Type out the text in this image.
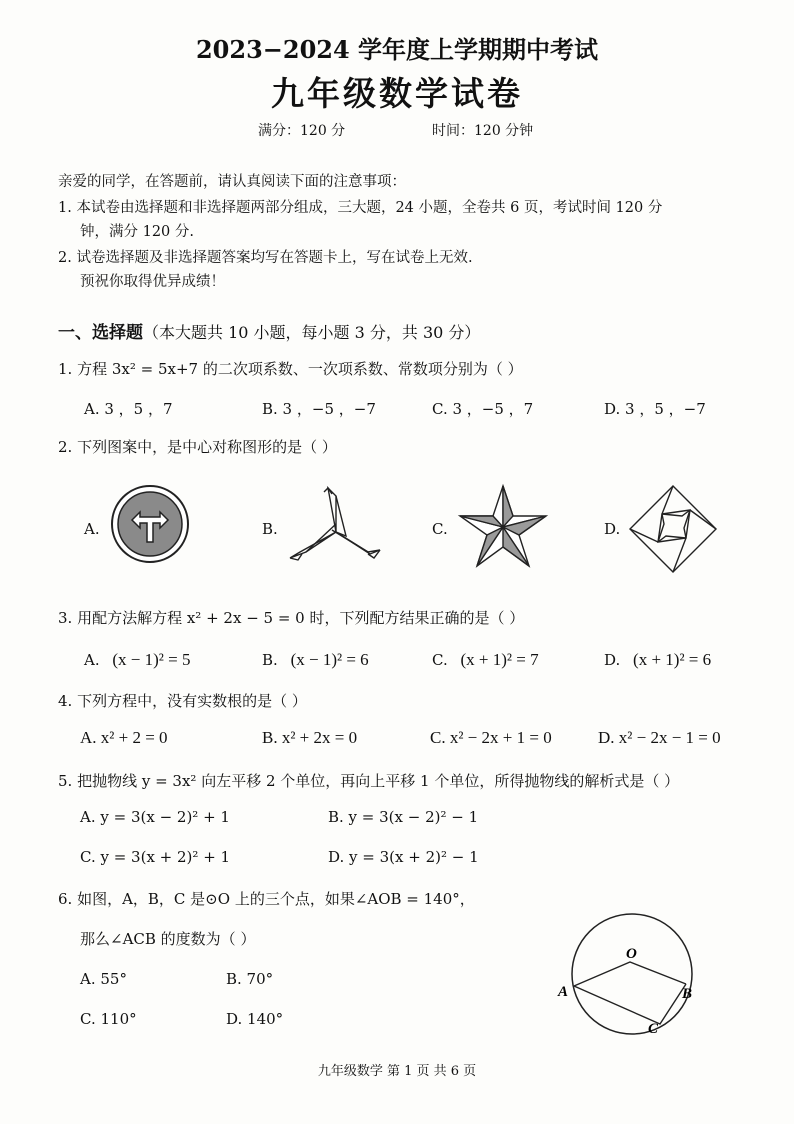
2023−2024 学年度上学期期中考试
九年级数学试卷
满分：120 分	时间：120 分钟
亲爱的同学，在答题前，请认真阅读下面的注意事项：
1. 本试卷由选择题和非选择题两部分组成，三大题，24 小题，全卷共 6 页，考试时间 120 分
钟，满分 120 分.
2. 试卷选择题及非选择题答案均写在答题卡上，写在试卷上无效.
预祝你取得优异成绩！
一、选择题（本大题共 10 小题，每小题 3 分，共 30 分）
1. 方程 3x² = 5x+7 的二次项系数、一次项系数、常数项分别为（ ）
A. 3 ，5 ，7	B. 3 ，−5 ，−7	C. 3 ，−5 ，7	D. 3 ，5 ，−7
2. 下列图案中，是中心对称图形的是（ ）
A.	B.	C.	D.
3. 用配方法解方程 x² + 2x − 5 = 0 时，下列配方结果正确的是（ ）
A. (x − 1)² = 5	B. (x − 1)² = 6	C. (x + 1)² = 7	D. (x + 1)² = 6
4. 下列方程中，没有实数根的是（ ）
A. x² + 2 = 0	B. x² + 2x = 0	C. x² − 2x + 1 = 0	D. x² − 2x − 1 = 0
5. 把抛物线 y = 3x² 向左平移 2 个单位，再向上平移 1 个单位，所得抛物线的解析式是（ ）
A. y = 3(x − 2)² + 1	B. y = 3(x − 2)² − 1
C. y = 3(x + 2)² + 1	D. y = 3(x + 2)² − 1
6. 如图，A，B，C 是⊙O 上的三个点，如果∠AOB = 140°，
那么∠ACB 的度数为（ ）
A. 55°	B. 70°
C. 110°	D. 140°
O
A	B
C
九年级数学 第 1 页 共 6 页
